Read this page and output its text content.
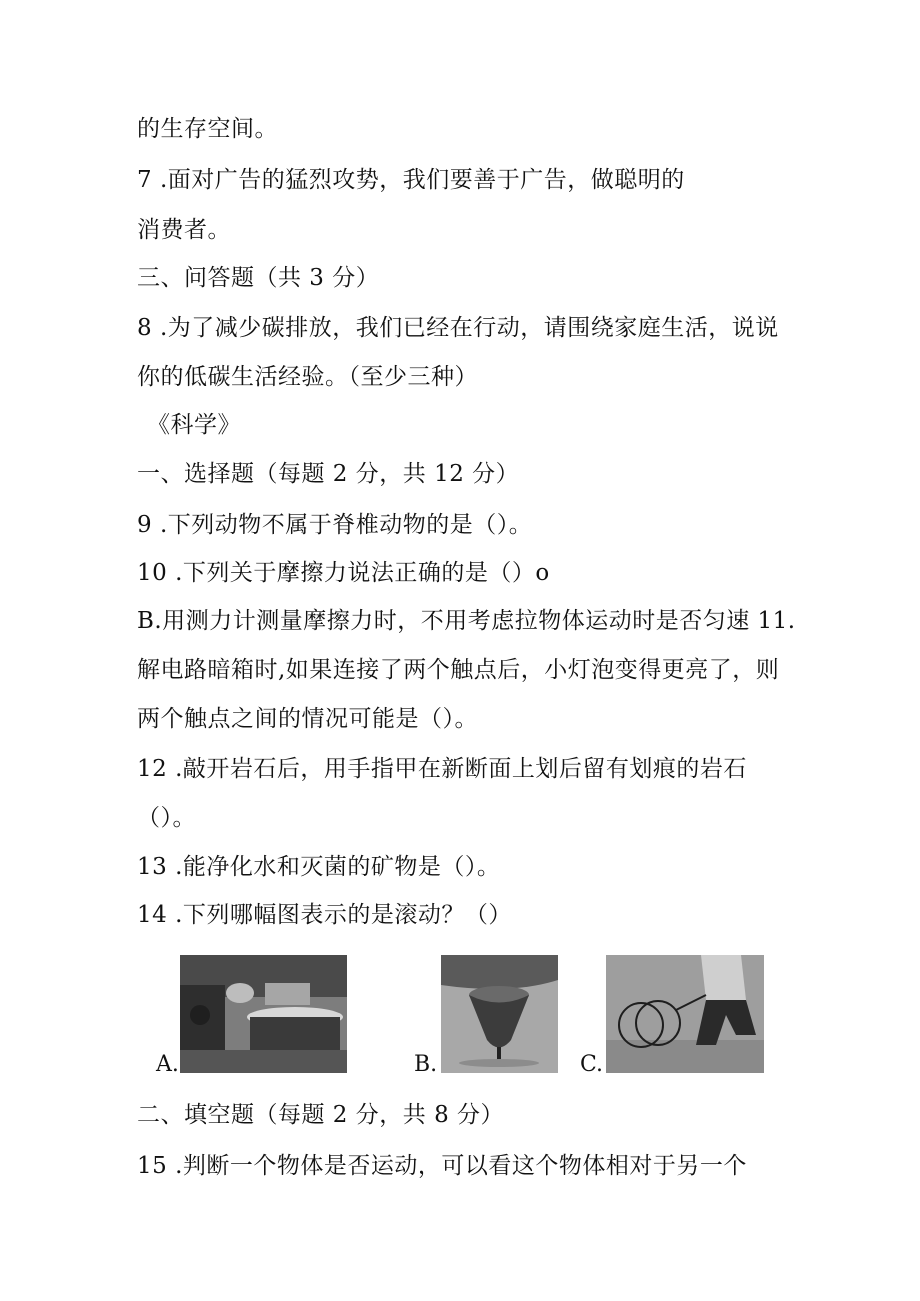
的生存空间。
7 .面对广告的猛烈攻势，我们要善于广告，做聪明的
消费者。
三、问答题（共 3 分）
8 .为了减少碳排放，我们已经在行动，请围绕家庭生活，说说
你的低碳生活经验。（至少三种）
《科学》
一、选择题（每题 2 分，共 12 分）
9 .下列动物不属于脊椎动物的是（）。
10 .下列关于摩擦力说法正确的是（）o
B.用测力计测量摩擦力时，不用考虑拉物体运动时是否匀速 11.
解电路暗箱时,如果连接了两个触点后，小灯泡变得更亮了，则
两个触点之间的情况可能是（）。
12 .敲开岩石后，用手指甲在新断面上划后留有划痕的岩石
（）。
13 .能净化水和灭菌的矿物是（）。
14 .下列哪幅图表示的是滚动？（）
A.	B.	C.
二、填空题（每题 2 分，共 8 分）
15 .判断一个物体是否运动，可以看这个物体相对于另一个
